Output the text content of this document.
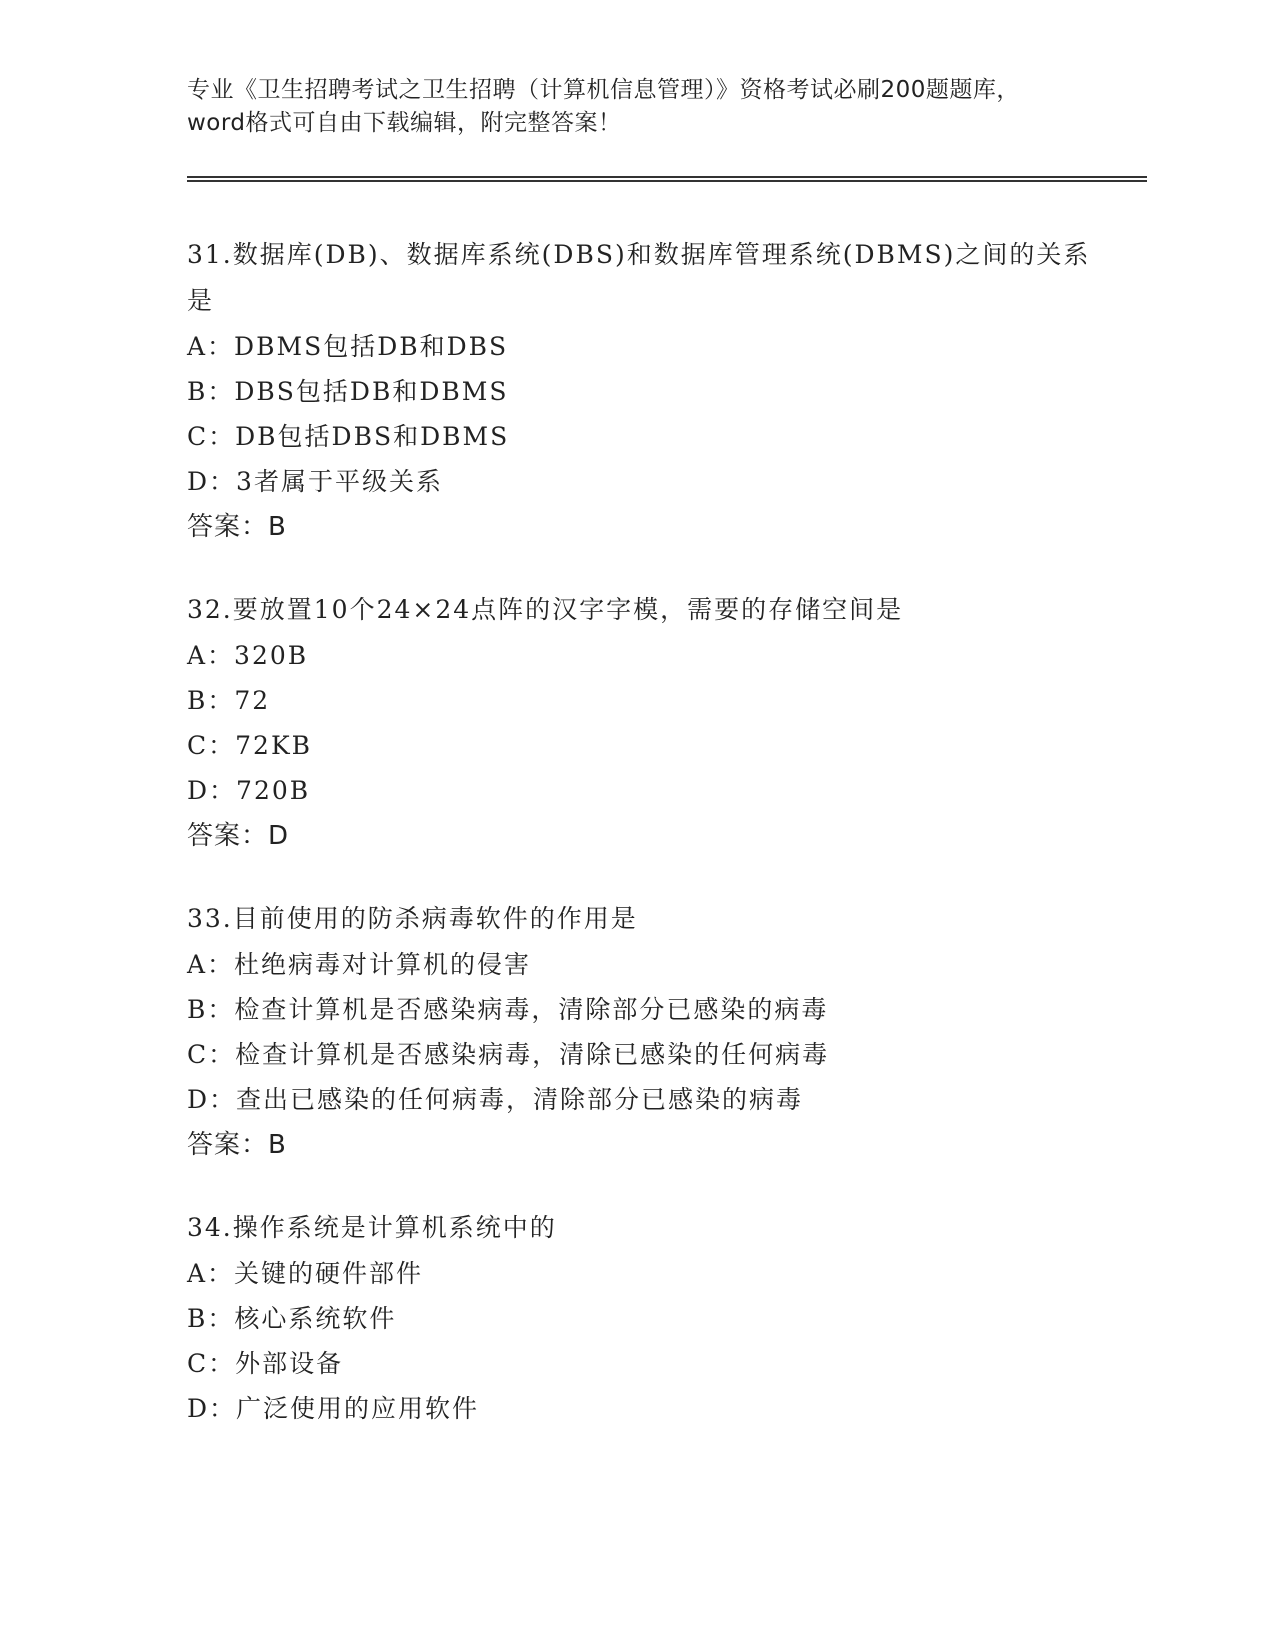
专业《卫生招聘考试之卫生招聘（计算机信息管理）》资格考试必刷200题题库，
word格式可自由下载编辑，附完整答案！
31.数据库(DB)、数据库系统(DBS)和数据库管理系统(DBMS)之间的关系是
A：DBMS包括DB和DBS
B：DBS包括DB和DBMS
C：DB包括DBS和DBMS
D：3者属于平级关系
答案：B
32.要放置10个24×24点阵的汉字字模，需要的存储空间是
A：320B
B：72
C：72KB
D：720B
答案：D
33.目前使用的防杀病毒软件的作用是
A：杜绝病毒对计算机的侵害
B：检查计算机是否感染病毒，清除部分已感染的病毒
C：检查计算机是否感染病毒，清除已感染的任何病毒
D：查出已感染的任何病毒，清除部分已感染的病毒
答案：B
34.操作系统是计算机系统中的
A：关键的硬件部件
B：核心系统软件
C：外部设备
D：广泛使用的应用软件
